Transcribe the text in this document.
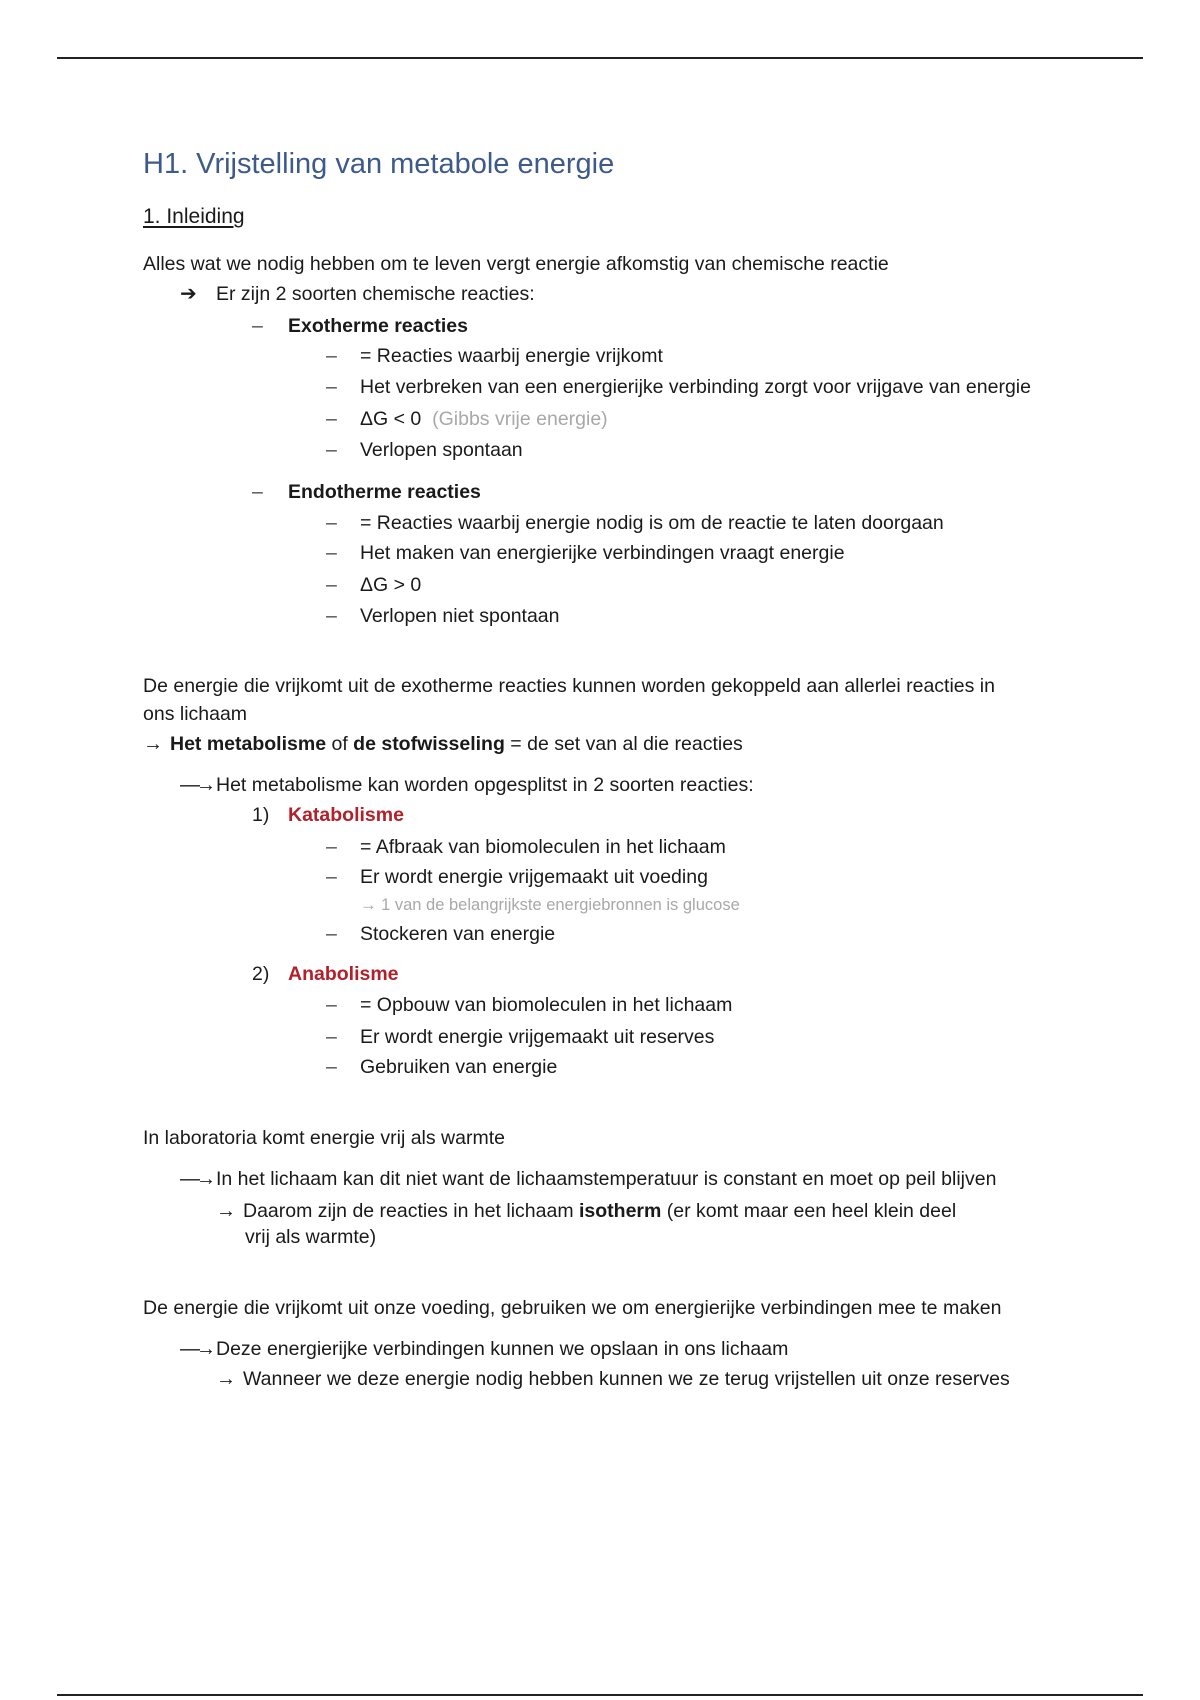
H1. Vrijstelling van metabole energie
1. Inleiding
Alles wat we nodig hebben om te leven vergt energie afkomstig van chemische reactie
➔ Er zijn 2 soorten chemische reacties:
– Exotherme reacties
– = Reacties waarbij energie vrijkomt
– Het verbreken van een energierijke verbinding zorgt voor vrijgave van energie
– ΔG < 0 (Gibbs vrije energie)
– Verlopen spontaan
– Endotherme reacties
– = Reacties waarbij energie nodig is om de reactie te laten doorgaan
– Het maken van energierijke verbindingen vraagt energie
– ΔG > 0
– Verlopen niet spontaan
De energie die vrijkomt uit de exotherme reacties kunnen worden gekoppeld aan allerlei reacties in
ons lichaam
→ Het metabolisme of de stofwisseling = de set van al die reacties
—→ Het metabolisme kan worden opgesplitst in 2 soorten reacties:
1) Katabolisme
– = Afbraak van biomoleculen in het lichaam
– Er wordt energie vrijgemaakt uit voeding
→ 1 van de belangrijkste energiebronnen is glucose
– Stockeren van energie
2) Anabolisme
– = Opbouw van biomoleculen in het lichaam
– Er wordt energie vrijgemaakt uit reserves
– Gebruiken van energie
In laboratoria komt energie vrij als warmte
—→ In het lichaam kan dit niet want de lichaamstemperatuur is constant en moet op peil blijven
→ Daarom zijn de reacties in het lichaam isotherm (er komt maar een heel klein deel
vrij als warmte)
De energie die vrijkomt uit onze voeding, gebruiken we om energierijke verbindingen mee te maken
—→ Deze energierijke verbindingen kunnen we opslaan in ons lichaam
→ Wanneer we deze energie nodig hebben kunnen we ze terug vrijstellen uit onze reserves
